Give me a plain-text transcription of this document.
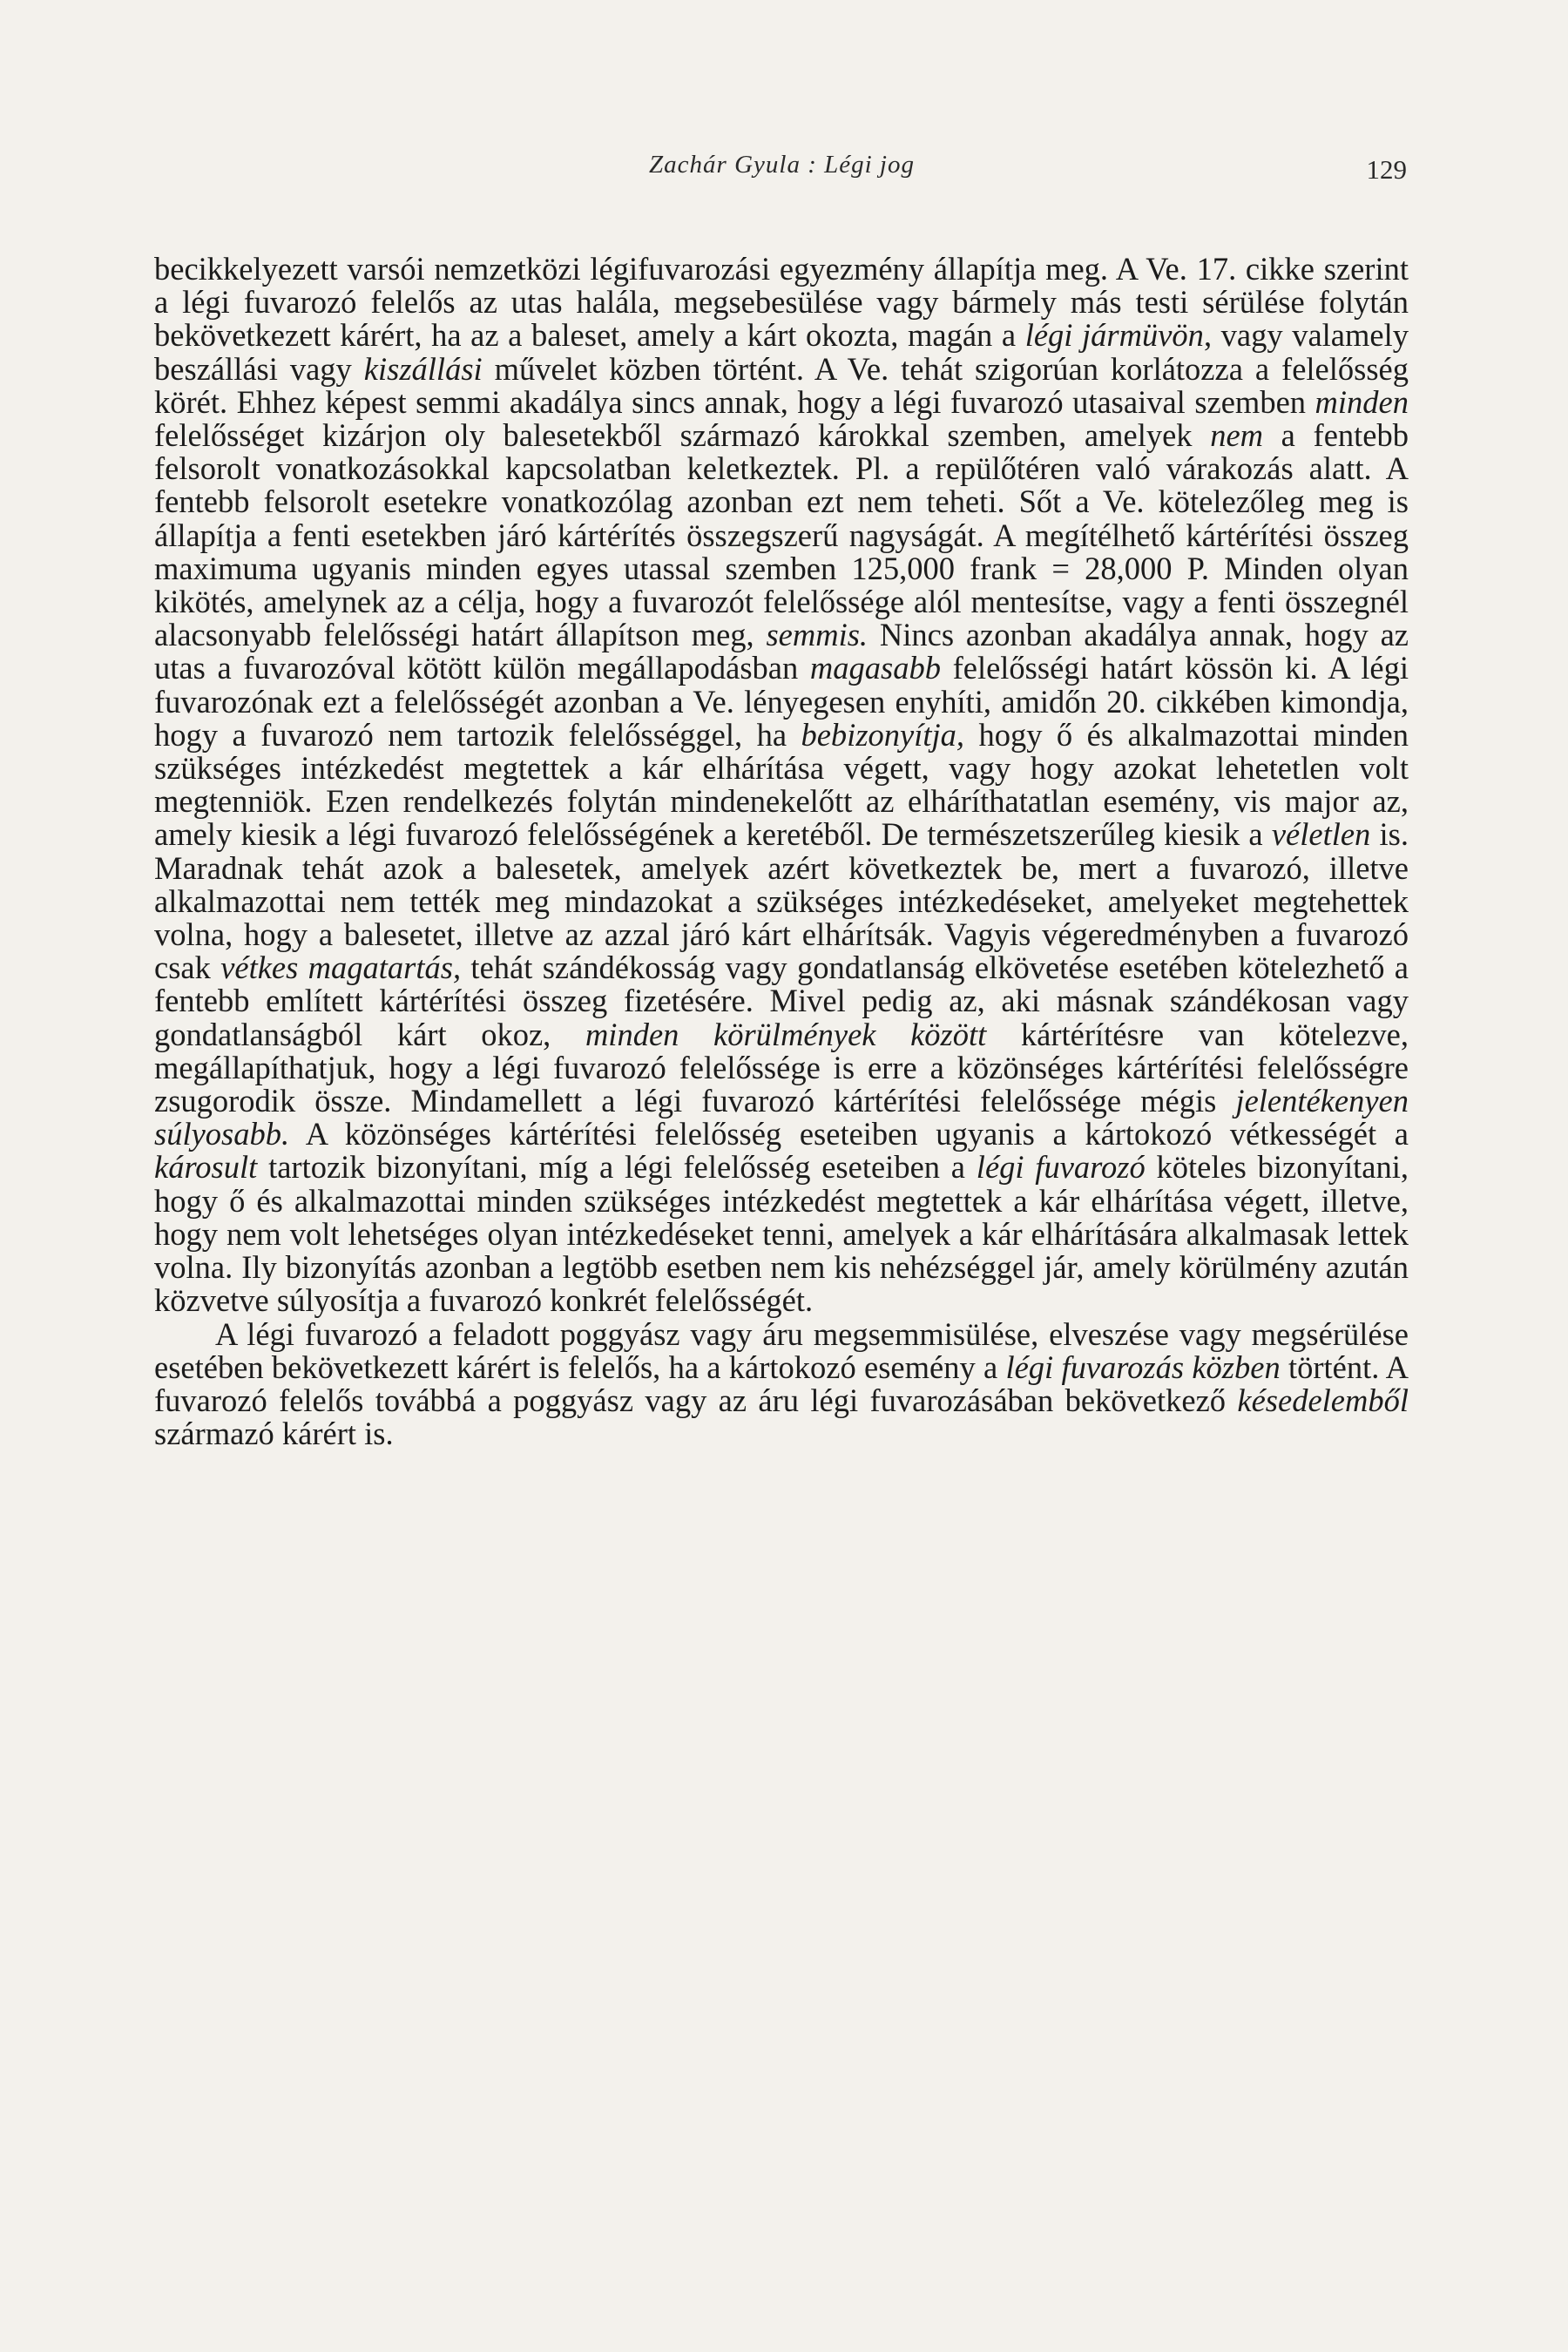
Zachár Gyula : Légi jog	129

becikkelyezett varsói nemzetközi légifuvarozási egyezmény állapítja meg. A Ve. 17. cikke szerint a légi fuvarozó felelős az utas halála, megsebesülése vagy bármely más testi sérülése folytán bekövetkezett kárért, ha az a baleset, amely a kárt okozta, magán a légi jármüvön, vagy valamely beszállási vagy kiszállási művelet közben történt. A Ve. tehát szigorúan korlátozza a felelősség körét. Ehhez képest semmi akadálya sincs annak, hogy a légi fuvarozó utasaival szemben minden felelősséget kizárjon oly balesetekből származó károkkal szemben, amelyek nem a fentebb felsorolt vonatkozásokkal kapcsolatban keletkeztek. Pl. a repülőtéren való várakozás alatt. A fentebb felsorolt esetekre vonatkozólag azonban ezt nem teheti. Sőt a Ve. kötelezőleg meg is állapítja a fenti esetekben járó kártérítés összegszerű nagyságát. A megítélhető kártérítési összeg maximuma ugyanis minden egyes utassal szemben 125,000 frank = 28,000 P. Minden olyan kikötés, amelynek az a célja, hogy a fuvarozót felelőssége alól mentesítse, vagy a fenti összegnél alacsonyabb felelősségi határt állapítson meg, semmis. Nincs azonban akadálya annak, hogy az utas a fuvarozóval kötött külön megállapodásban magasabb felelősségi határt kössön ki. A légi fuvarozónak ezt a felelősségét azonban a Ve. lényegesen enyhíti, amidőn 20. cikkében kimondja, hogy a fuvarozó nem tartozik felelősséggel, ha bebizonyítja, hogy ő és alkalmazottai minden szükséges intézkedést megtettek a kár elhárítása végett, vagy hogy azokat lehetetlen volt megtenniök. Ezen rendelkezés folytán mindenekelőtt az elháríthatatlan esemény, vis major az, amely kiesik a légi fuvarozó felelősségének a keretéből. De természetszerűleg kiesik a véletlen is. Maradnak tehát azok a balesetek, amelyek azért következtek be, mert a fuvarozó, illetve alkalmazottai nem tették meg mindazokat a szükséges intézkedéseket, amelyeket megtehettek volna, hogy a balesetet, illetve az azzal járó kárt elhárítsák. Vagyis végeredményben a fuvarozó csak vétkes magatartás, tehát szándékosság vagy gondatlanság elkövetése esetében kötelezhető a fentebb említett kártérítési összeg fizetésére. Mivel pedig az, aki másnak szándékosan vagy gondatlanságból kárt okoz, minden körülmények között kártérítésre van kötelezve, megállapíthatjuk, hogy a légi fuvarozó felelőssége is erre a közönséges kártérítési felelősségre zsugorodik össze. Mindamellett a légi fuvarozó kártérítési felelőssége mégis jelentékenyen súlyosabb. A közönséges kártérítési felelősség eseteiben ugyanis a kártokozó vétkességét a károsult tartozik bizonyítani, míg a légi felelősség eseteiben a légi fuvarozó köteles bizonyítani, hogy ő és alkalmazottai minden szükséges intézkedést megtettek a kár elhárítása végett, illetve, hogy nem volt lehetséges olyan intézkedéseket tenni, amelyek a kár elhárítására alkalmasak lettek volna. Ily bizonyítás azonban a legtöbb esetben nem kis nehézséggel jár, amely körülmény azután közvetve súlyosítja a fuvarozó konkrét felelősségét.

A légi fuvarozó a feladott poggyász vagy áru megsemmisülése, elveszése vagy megsérülése esetében bekövetkezett kárért is felelős, ha a kártokozó esemény a légi fuvarozás közben történt. A fuvarozó felelős továbbá a poggyász vagy az áru légi fuvarozásában bekövetkező késedelemből származó kárért is.
